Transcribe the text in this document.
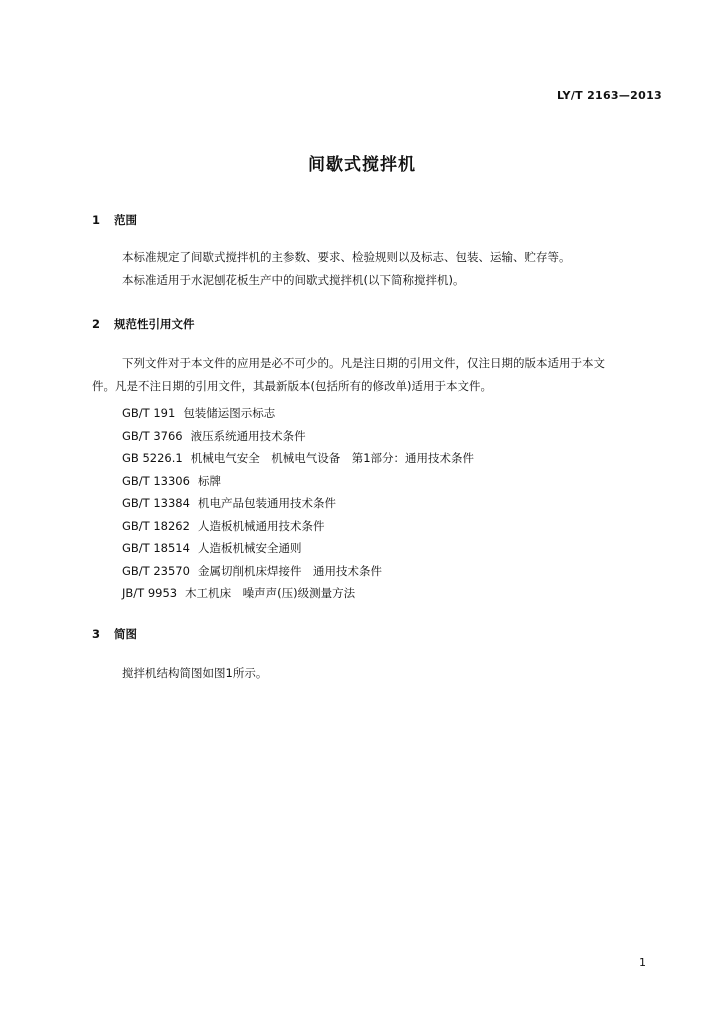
LY/T 2163—2013
间歇式搅拌机
1 范围
本标准规定了间歇式搅拌机的主参数、要求、检验规则以及标志、包装、运输、贮存等。
本标准适用于水泥刨花板生产中的间歇式搅拌机(以下简称搅拌机)。
2 规范性引用文件
下列文件对于本文件的应用是必不可少的。凡是注日期的引用文件，仅注日期的版本适用于本文
件。凡是不注日期的引用文件，其最新版本(包括所有的修改单)适用于本文件。
GB/T 191 包装储运图示标志
GB/T 3766 液压系统通用技术条件
GB 5226.1 机械电气安全　机械电气设备　第1部分：通用技术条件
GB/T 13306 标牌
GB/T 13384 机电产品包装通用技术条件
GB/T 18262 人造板机械通用技术条件
GB/T 18514 人造板机械安全通则
GB/T 23570 金属切削机床焊接件　通用技术条件
JB/T 9953 木工机床　噪声声(压)级测量方法
3 简图
搅拌机结构简图如图1所示。
1
